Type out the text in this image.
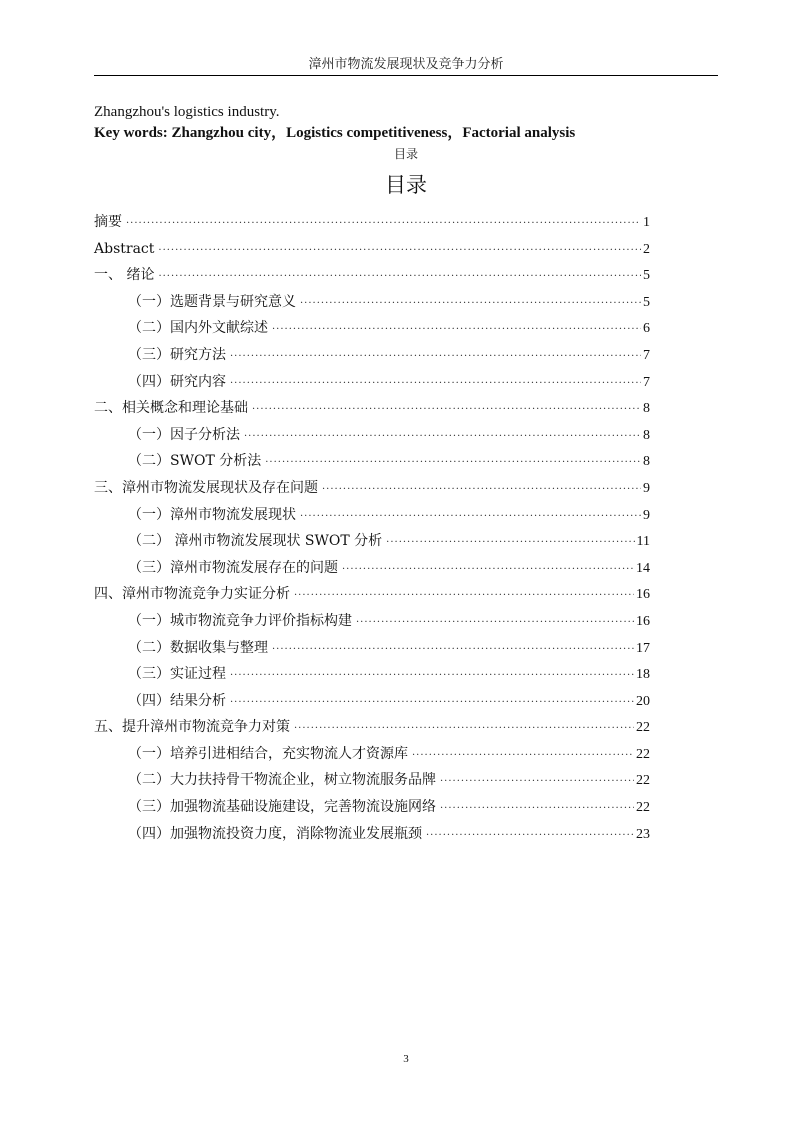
漳州市物流发展现状及竞争力分析
Zhangzhou's logistics industry.
Key words: Zhangzhou city，Logistics competitiveness，Factorial analysis
目录
目录
摘要 ·····	1
Abstract ·····	2
一、 绪论 ·····	5
（一）选题背景与研究意义 ·····	5
（二）国内外文献综述 ·····	6
（三）研究方法 ·····	7
（四）研究内容 ·····	7
二、相关概念和理论基础 ·····	8
（一）因子分析法 ·····	8
（二）SWOT 分析法 ·····	8
三、漳州市物流发展现状及存在问题 ·····	9
（一）漳州市物流发展现状 ·····	9
（二） 漳州市物流发展现状 SWOT 分析 ·····	11
（三）漳州市物流发展存在的问题 ·····	14
四、漳州市物流竞争力实证分析 ·····	16
（一）城市物流竞争力评价指标构建 ·····	16
（二）数据收集与整理 ·····	17
（三）实证过程 ·····	18
（四）结果分析 ·····	20
五、提升漳州市物流竞争力对策 ·····	22
（一）培养引进相结合，充实物流人才资源库 ·····	22
（二）大力扶持骨干物流企业，树立物流服务品牌 ·····	22
（三）加强物流基础设施建设，完善物流设施网络 ·····	22
（四）加强物流投资力度，消除物流业发展瓶颈 ·····	23
3
